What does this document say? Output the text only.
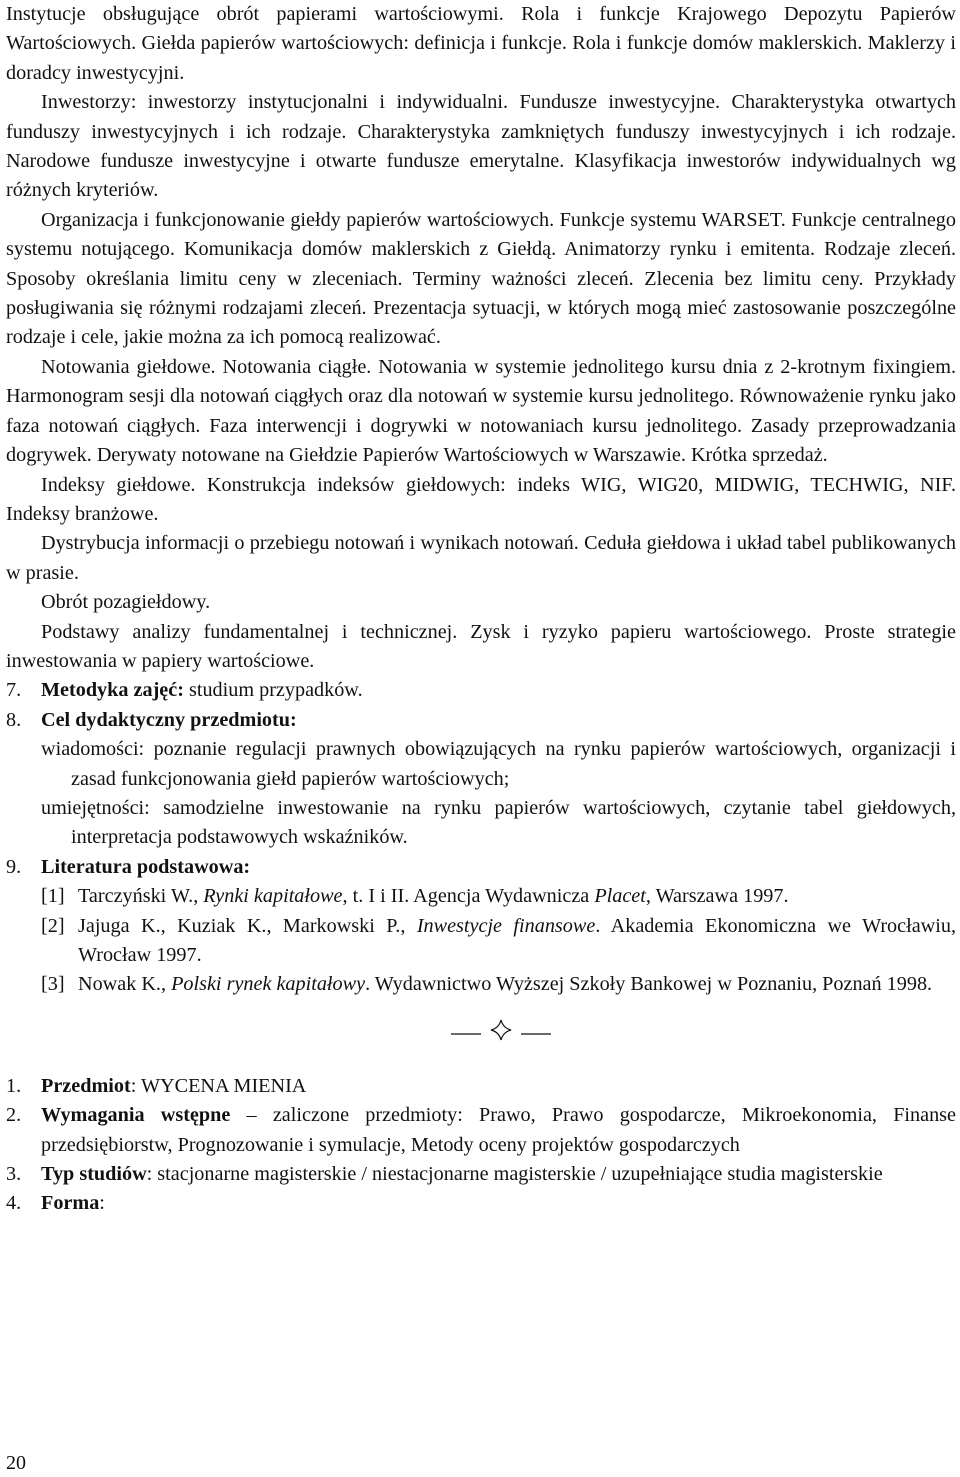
Instytucje obsługujące obrót papierami wartościowymi. Rola i funkcje Krajowego Depozytu Papierów Wartościowych. Giełda papierów wartościowych: definicja i funkcje. Rola i funkcje domów maklerskich. Maklerzy i doradcy inwestycyjni.

Inwestorzy: inwestorzy instytucjonalni i indywidualni. Fundusze inwestycyjne. Charakterystyka otwartych funduszy inwestycyjnych i ich rodzaje. Charakterystyka zamkniętych funduszy inwestycyjnych i ich rodzaje. Narodowe fundusze inwestycyjne i otwarte fundusze emerytalne. Klasyfikacja inwestorów indywidualnych wg różnych kryteriów.

Organizacja i funkcjonowanie giełdy papierów wartościowych. Funkcje systemu WARSET. Funkcje centralnego systemu notującego. Komunikacja domów maklerskich z Giełdą. Animatorzy rynku i emitenta. Rodzaje zleceń. Sposoby określania limitu ceny w zleceniach. Terminy ważności zleceń. Zlecenia bez limitu ceny. Przykłady posługiwania się różnymi rodzajami zleceń. Prezentacja sytuacji, w których mogą mieć zastosowanie poszczególne rodzaje i cele, jakie można za ich pomocą realizować.

Notowania giełdowe. Notowania ciągłe. Notowania w systemie jednolitego kursu dnia z 2-krotnym fixingiem. Harmonogram sesji dla notowań ciągłych oraz dla notowań w systemie kursu jednolitego. Równoważenie rynku jako faza notowań ciągłych. Faza interwencji i dogrywki w notowaniach kursu jednolitego. Zasady przeprowadzania dogrywek. Derywaty notowane na Giełdzie Papierów Wartościowych w Warszawie. Krótka sprzedaż.

Indeksy giełdowe. Konstrukcja indeksów giełdowych: indeks WIG, WIG20, MIDWIG, TECHWIG, NIF. Indeksy branżowe.

Dystrybucja informacji o przebiegu notowań i wynikach notowań. Ceduła giełdowa i układ tabel publikowanych w prasie.

Obrót pozagiełdowy.

Podstawy analizy fundamentalnej i technicznej. Zysk i ryzyko papieru wartościowego. Proste strategie inwestowania w papiery wartościowe.

7. Metodyka zajęć: studium przypadków.
8. Cel dydaktyczny przedmiotu:

wiadomości: poznanie regulacji prawnych obowiązujących na rynku papierów wartościowych, organizacji i zasad funkcjonowania giełd papierów wartościowych;

umiejętności: samodzielne inwestowanie na rynku papierów wartościowych, czytanie tabel giełdowych, interpretacja podstawowych wskaźników.

9. Literatura podstawowa:
[1] Tarczyński W., Rynki kapitałowe, t. I i II. Agencja Wydawnicza Placet, Warszawa 1997.
[2] Jajuga K., Kuziak K., Markowski P., Inwestycje finansowe. Akademia Ekonomiczna we Wrocławiu, Wrocław 1997.
[3] Nowak K., Polski rynek kapitałowy. Wydawnictwo Wyższej Szkoły Bankowej w Poznaniu, Poznań 1998.
1. Przedmiot: WYCENA MIENIA
2. Wymagania wstępne – zaliczone przedmioty: Prawo, Prawo gospodarcze, Mikroekonomia, Finanse przedsiębiorstw, Prognozowanie i symulacje, Metody oceny projektów gospodarczych
3. Typ studiów: stacjonarne magisterskie / niestacjonarne magisterskie / uzupełniające studia magisterskie
4. Forma:
20
